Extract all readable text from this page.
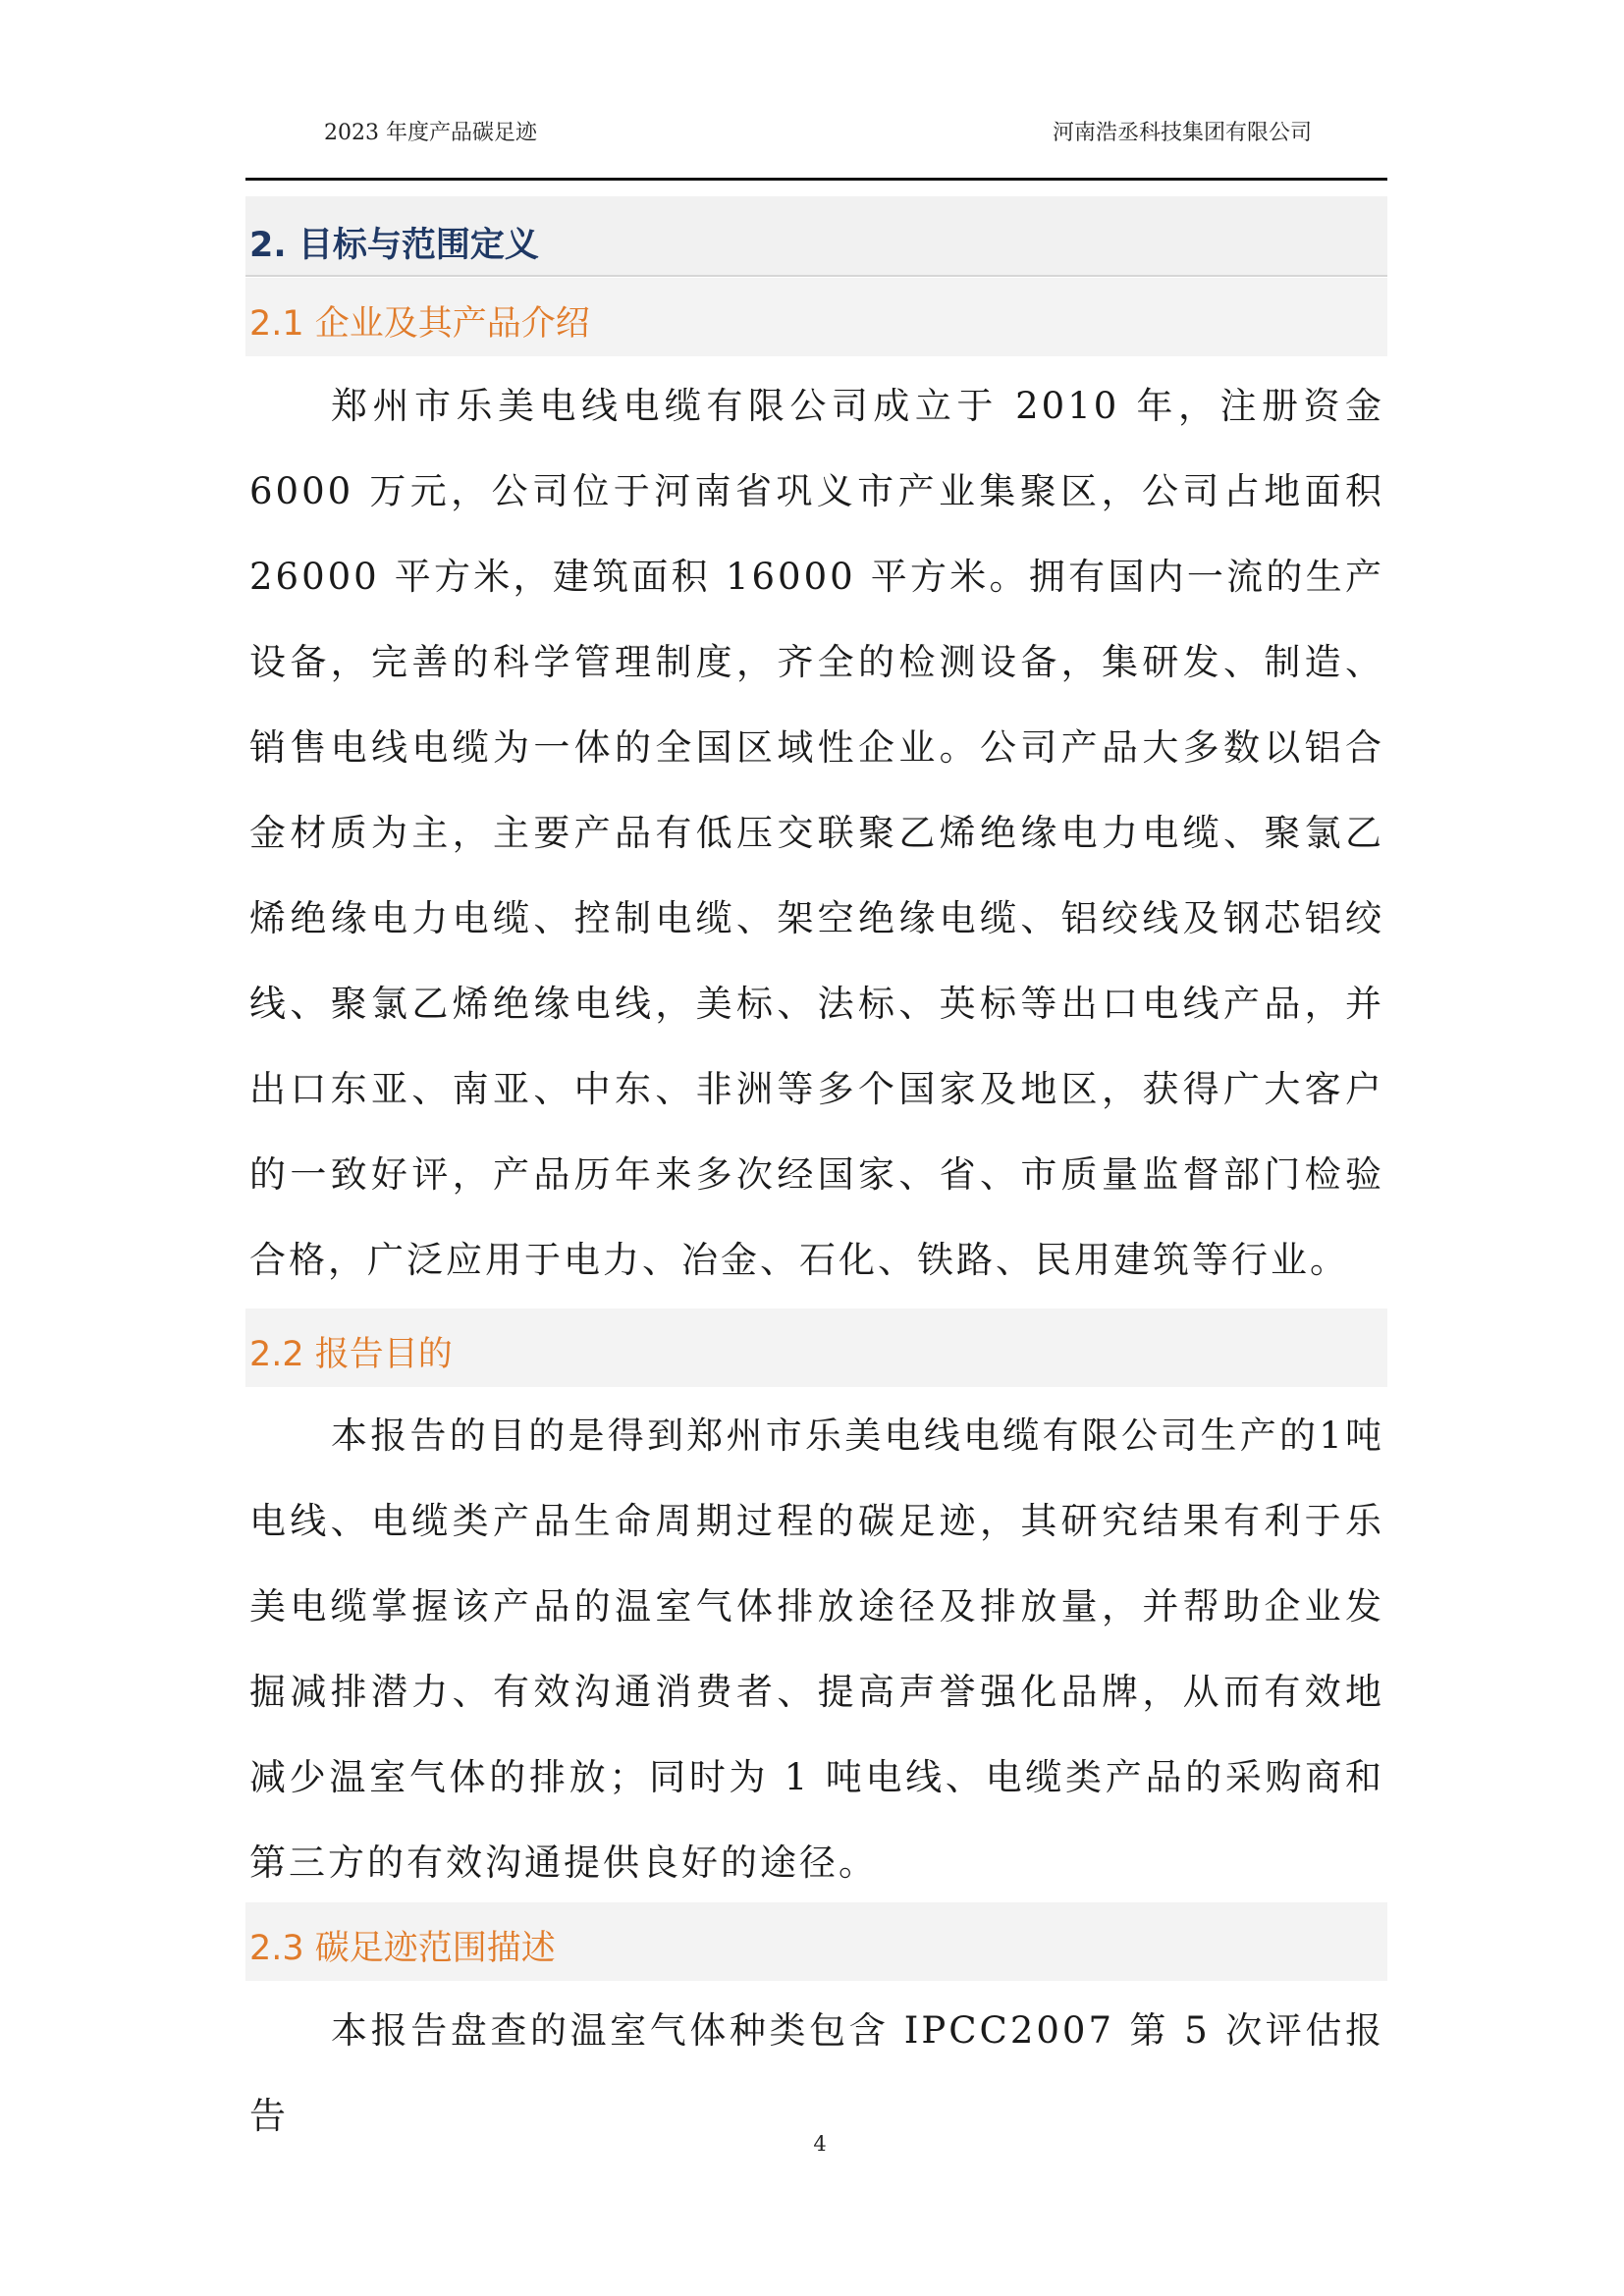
2023 年度产品碳足迹	河南浩丞科技集团有限公司
2. 目标与范围定义
2.1 企业及其产品介绍

郑州市乐美电线电缆有限公司成立于 2010 年，注册资金6000 万元，公司位于河南省巩义市产业集聚区，公司占地面积26000 平方米，建筑面积 16000 平方米。拥有国内一流的生产设备，完善的科学管理制度，齐全的检测设备，集研发、制造、销售电线电缆为一体的全国区域性企业。公司产品大多数以铝合金材质为主，主要产品有低压交联聚乙烯绝缘电力电缆、聚氯乙烯绝缘电力电缆、控制电缆、架空绝缘电缆、铝绞线及钢芯铝绞线、聚氯乙烯绝缘电线，美标、法标、英标等出口电线产品，并出口东亚、南亚、中东、非洲等多个国家及地区，获得广大客户的一致好评，产品历年来多次经国家、省、市质量监督部门检验合格，广泛应用于电力、冶金、石化、铁路、民用建筑等行业。

2.2 报告目的

本报告的目的是得到郑州市乐美电线电缆有限公司生产的1吨电线、电缆类产品生命周期过程的碳足迹，其研究结果有利于乐美电缆掌握该产品的温室气体排放途径及排放量，并帮助企业发掘减排潜力、有效沟通消费者、提高声誉强化品牌，从而有效地减少温室气体的排放；同时为 1 吨电线、电缆类产品的采购商和第三方的有效沟通提供良好的途径。

2.3 碳足迹范围描述

本报告盘查的温室气体种类包含 IPCC2007 第 5 次评估报告

4
